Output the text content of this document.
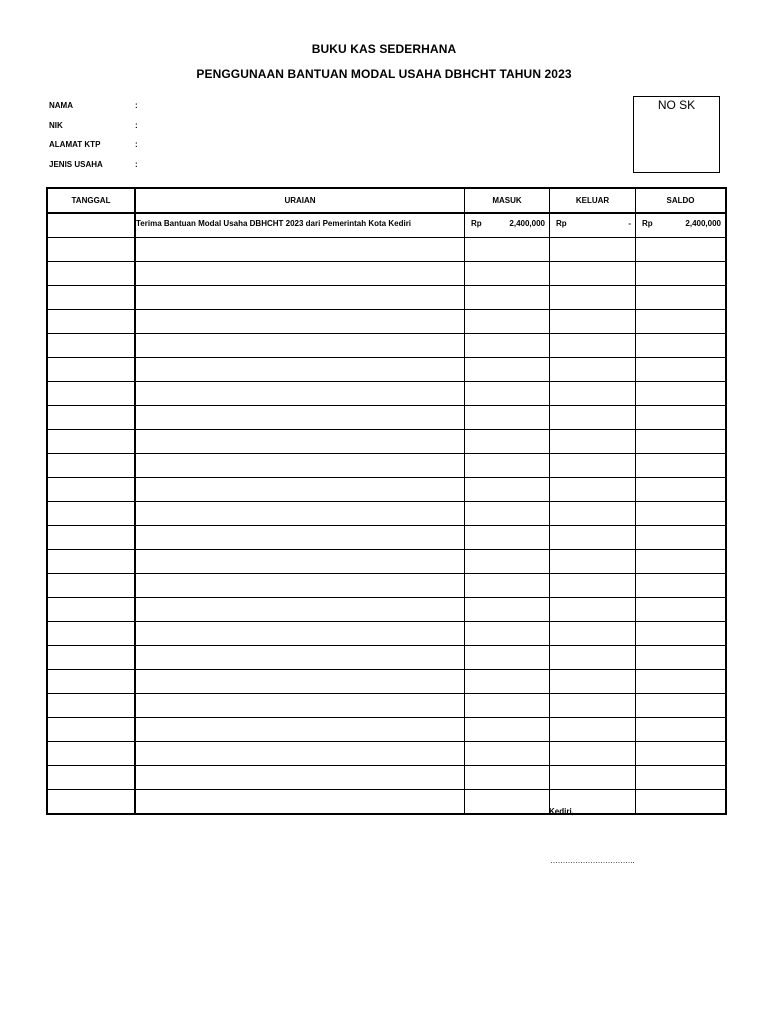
BUKU KAS SEDERHANA
PENGGUNAAN BANTUAN MODAL USAHA DBHCHT TAHUN 2023
NAMA	:
NIK	:
ALAMAT KTP	:
JENIS USAHA	:
NO SK
TANGGAL	URAIAN	MASUK	KELUAR	SALDO
	Terima Bantuan Modal Usaha DBHCHT 2023 dari Pemerintah Kota Kediri	Rp 2,400,000	Rp -	Rp 2,400,000

Kediri,
…………………………….
